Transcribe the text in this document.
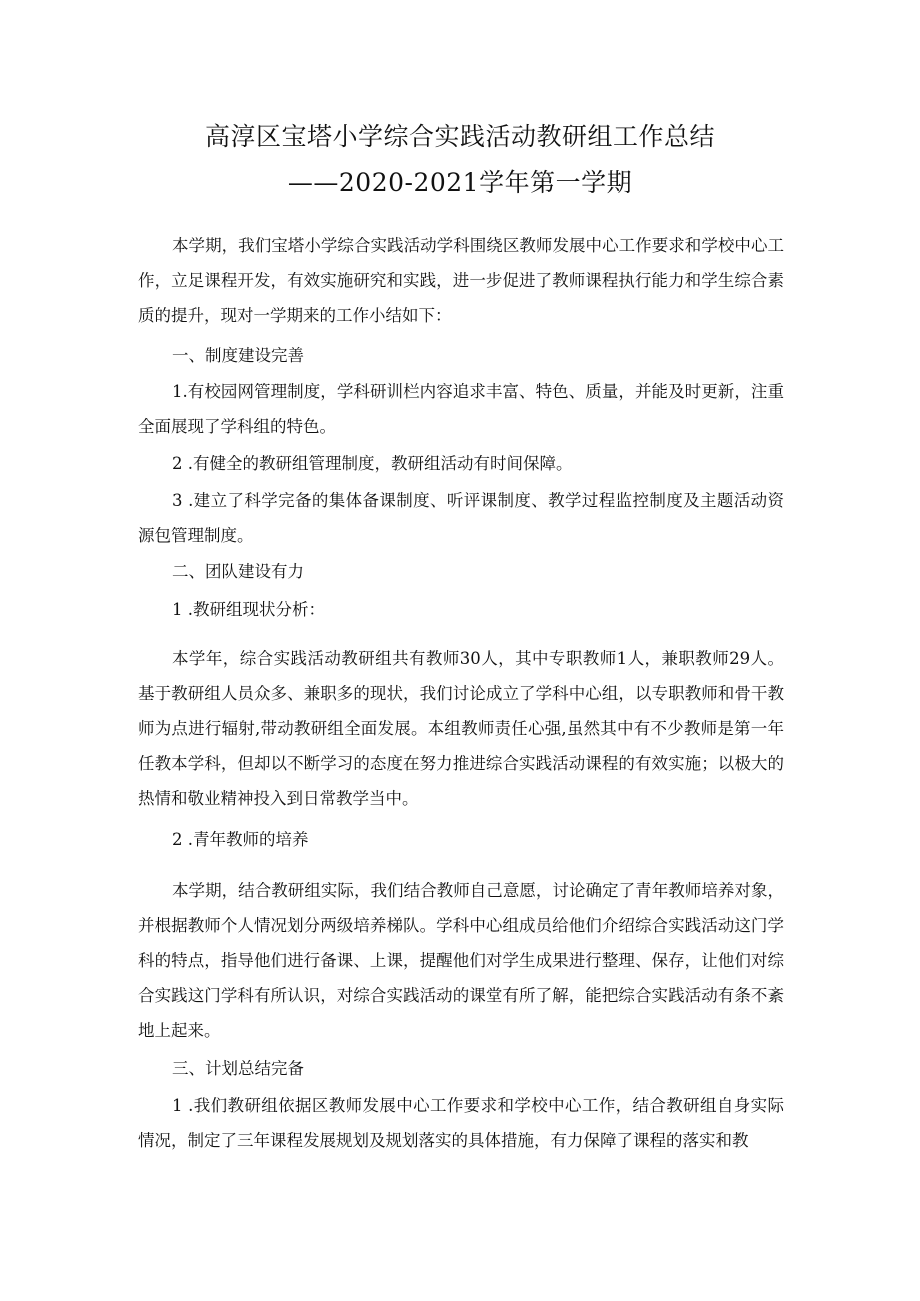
高淳区宝塔小学综合实践活动教研组工作总结
——2020-2021学年第一学期

本学期，我们宝塔小学综合实践活动学科围绕区教师发展中心工作要求和学校中心工作，立足课程开发，有效实施研究和实践，进一步促进了教师课程执行能力和学生综合素质的提升，现对一学期来的工作小结如下：

一、制度建设完善

1.有校园网管理制度，学科研训栏内容追求丰富、特色、质量，并能及时更新，注重全面展现了学科组的特色。

2 .有健全的教研组管理制度，教研组活动有时间保障。

3 .建立了科学完备的集体备课制度、听评课制度、教学过程监控制度及主题活动资源包管理制度。

二、团队建设有力
1 .教研组现状分析：

本学年，综合实践活动教研组共有教师30人，其中专职教师1人，兼职教师29人。基于教研组人员众多、兼职多的现状，我们讨论成立了学科中心组，以专职教师和骨干教师为点进行辐射,带动教研组全面发展。本组教师责任心强,虽然其中有不少教师是第一年任教本学科，但却以不断学习的态度在努力推进综合实践活动课程的有效实施；以极大的热情和敬业精神投入到日常教学当中。

2 .青年教师的培养

本学期，结合教研组实际，我们结合教师自己意愿，讨论确定了青年教师培养对象，并根据教师个人情况划分两级培养梯队。学科中心组成员给他们介绍综合实践活动这门学科的特点，指导他们进行备课、上课，提醒他们对学生成果进行整理、保存，让他们对综合实践这门学科有所认识，对综合实践活动的课堂有所了解，能把综合实践活动有条不紊地上起来。

三、计划总结完备

1 .我们教研组依据区教师发展中心工作要求和学校中心工作，结合教研组自身实际情况，制定了三年课程发展规划及规划落实的具体措施，有力保障了课程的落实和教
